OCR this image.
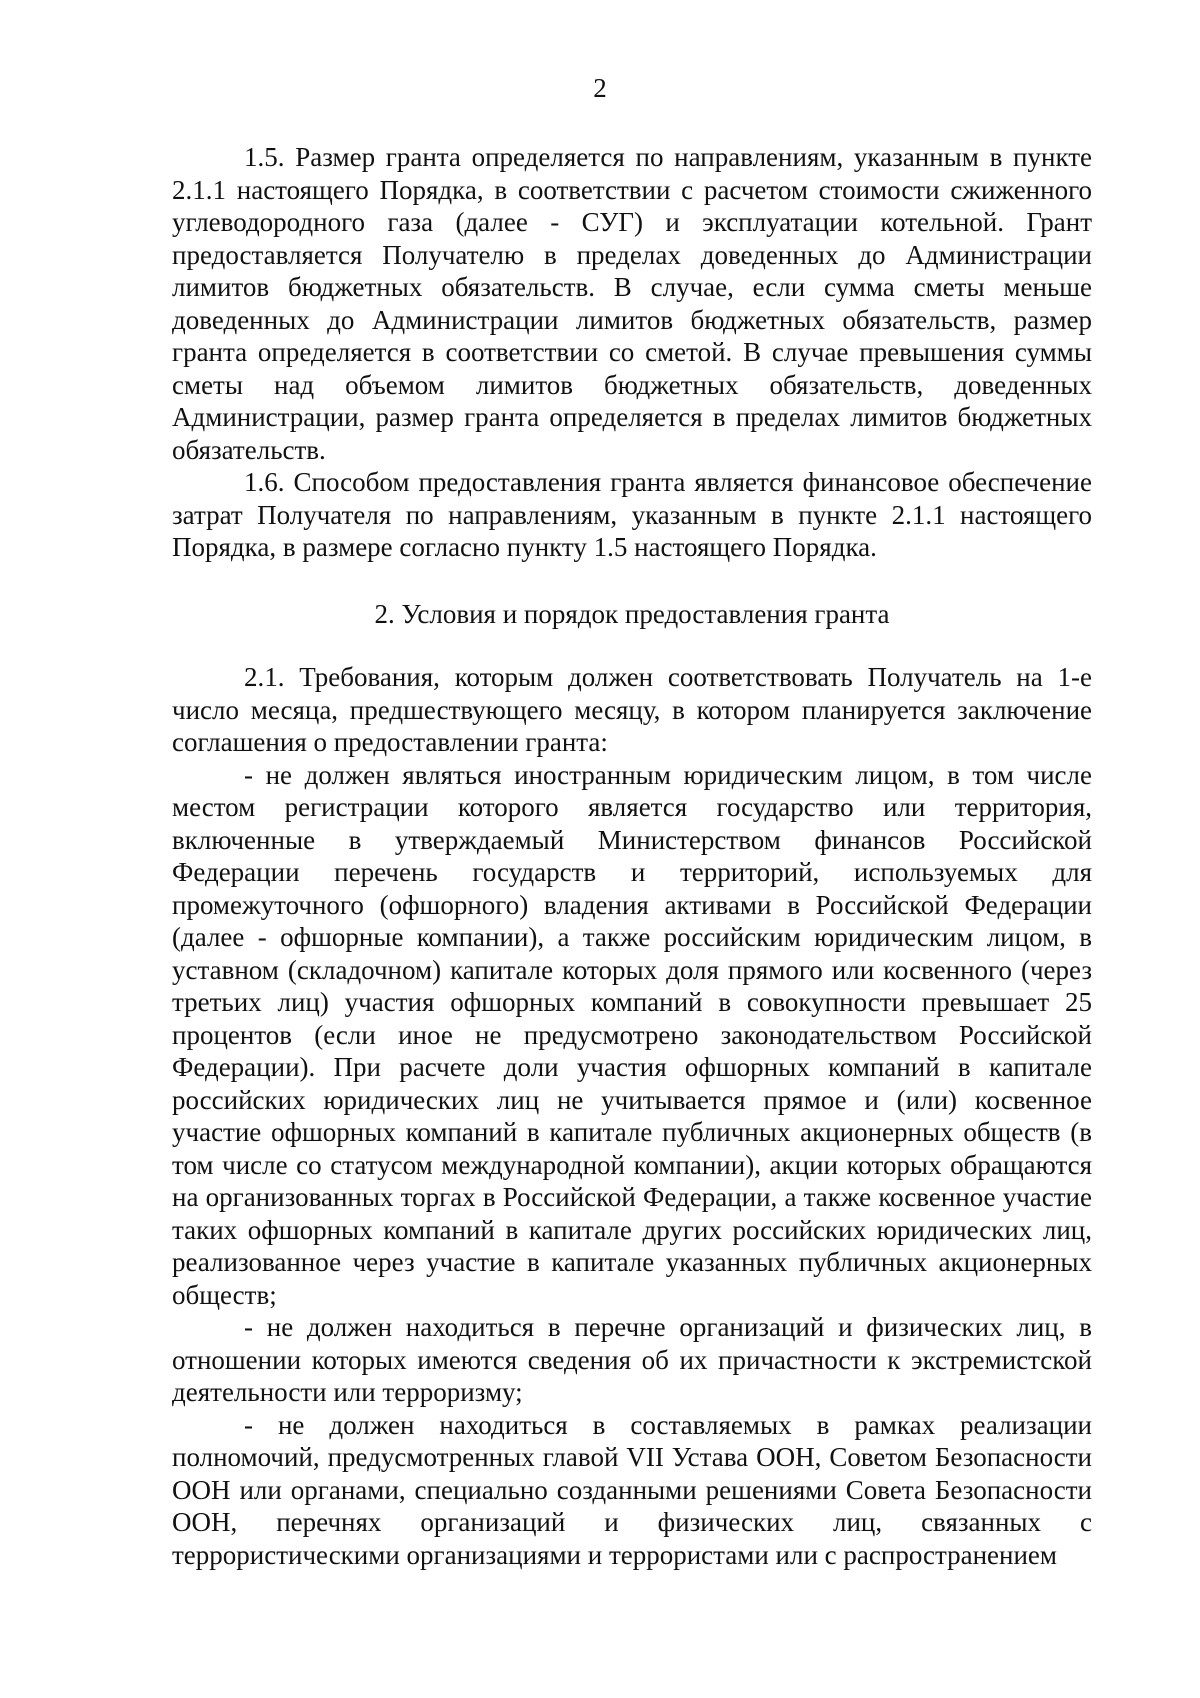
2

1.5. Размер гранта определяется по направлениям, указанным в пункте 2.1.1 настоящего Порядка, в соответствии с расчетом стоимости сжиженного углеводородного газа (далее - СУГ) и эксплуатации котельной. Грант предоставляется Получателю в пределах доведенных до Администрации лимитов бюджетных обязательств. В случае, если сумма сметы меньше доведенных до Администрации лимитов бюджетных обязательств, размер гранта определяется в соответствии со сметой. В случае превышения суммы сметы над объемом лимитов бюджетных обязательств, доведенных Администрации, размер гранта определяется в пределах лимитов бюджетных обязательств.

1.6. Способом предоставления гранта является финансовое обеспечение затрат Получателя по направлениям, указанным в пункте 2.1.1 настоящего Порядка, в размере согласно пункту 1.5 настоящего Порядка.

2. Условия и порядок предоставления гранта

2.1. Требования, которым должен соответствовать Получатель на 1-е число месяца, предшествующего месяцу, в котором планируется заключение соглашения о предоставлении гранта:

- не должен являться иностранным юридическим лицом, в том числе местом регистрации которого является государство или территория, включенные в утверждаемый Министерством финансов Российской Федерации перечень государств и территорий, используемых для промежуточного (офшорного) владения активами в Российской Федерации (далее - офшорные компании), а также российским юридическим лицом, в уставном (складочном) капитале которых доля прямого или косвенного (через третьих лиц) участия офшорных компаний в совокупности превышает 25 процентов (если иное не предусмотрено законодательством Российской Федерации). При расчете доли участия офшорных компаний в капитале российских юридических лиц не учитывается прямое и (или) косвенное участие офшорных компаний в капитале публичных акционерных обществ (в том числе со статусом международной компании), акции которых обращаются на организованных торгах в Российской Федерации, а также косвенное участие таких офшорных компаний в капитале других российских юридических лиц, реализованное через участие в капитале указанных публичных акционерных обществ;

- не должен находиться в перечне организаций и физических лиц, в отношении которых имеются сведения об их причастности к экстремистской деятельности или терроризму;

- не должен находиться в составляемых в рамках реализации полномочий, предусмотренных главой VII Устава ООН, Советом Безопасности ООН или органами, специально созданными решениями Совета Безопасности ООН, перечнях организаций и физических лиц, связанных с террористическими организациями и террористами или с распространением
